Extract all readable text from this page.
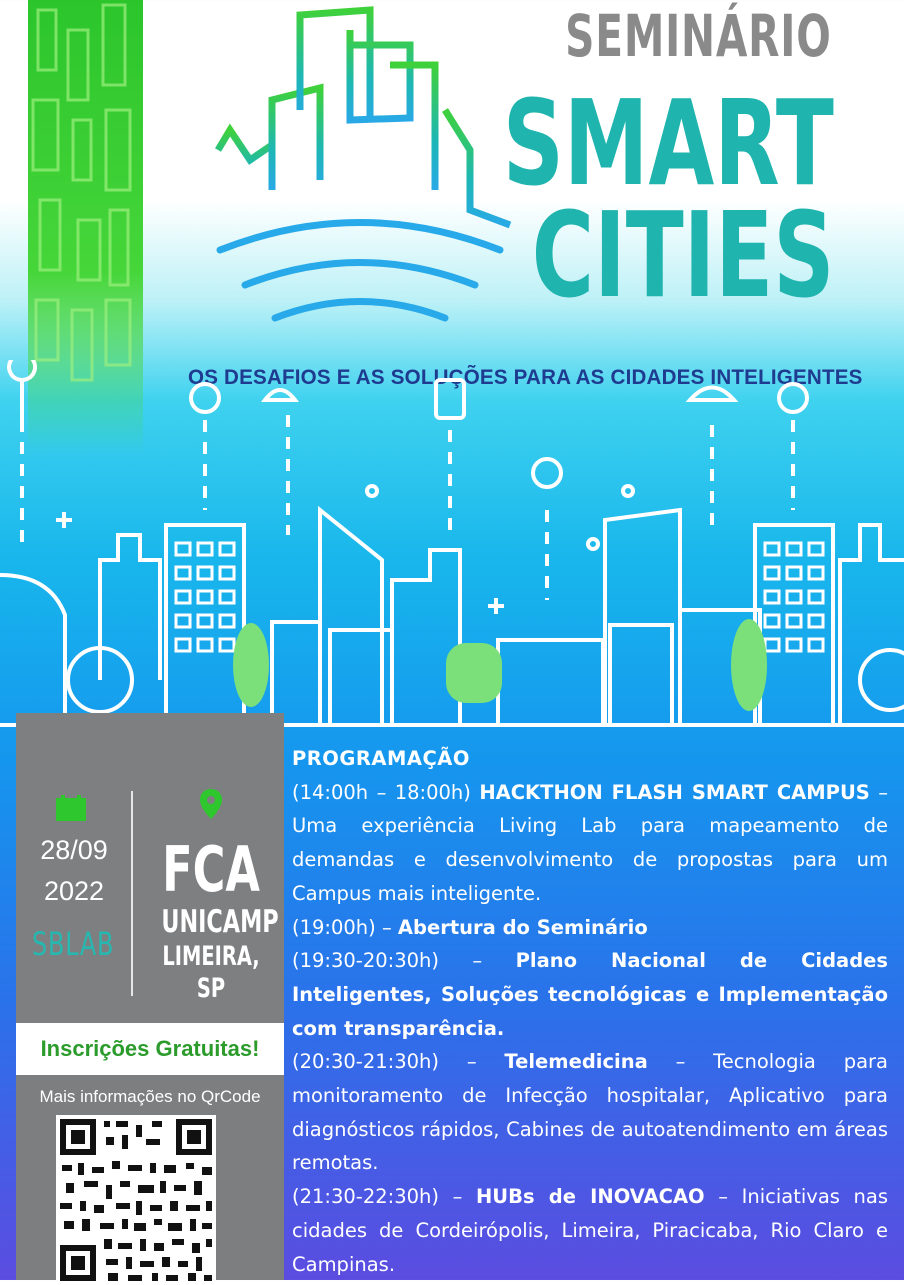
SEMINÁRIO
SMART
CITIES
OS DESAFIOS E AS SOLUÇÕES PARA AS CIDADES INTELIGENTES
28/09
2022
SBLAB
FCA
UNICAMP
LIMEIRA, SP
Inscrições Gratuitas!
Mais informações no QrCode

PROGRAMAÇÃO

(14:00h – 18:00h) HACKTHON FLASH SMART CAMPUS – Uma experiência Living Lab para mapeamento de demandas e desenvolvimento de propostas para um Campus mais inteligente.

(19:00h) – Abertura do Seminário

(19:30-20:30h) – Plano Nacional de Cidades Inteligentes, Soluções tecnológicas e Implementação com transparência.

(20:30-21:30h) – Telemedicina – Tecnologia para monitoramento de Infecção hospitalar, Aplicativo para diagnósticos rápidos, Cabines de autoatendimento em áreas remotas.

(21:30-22:30h) – HUBs de INOVACAO – Iniciativas nas cidades de Cordeirópolis, Limeira, Piracicaba, Rio Claro e Campinas.
